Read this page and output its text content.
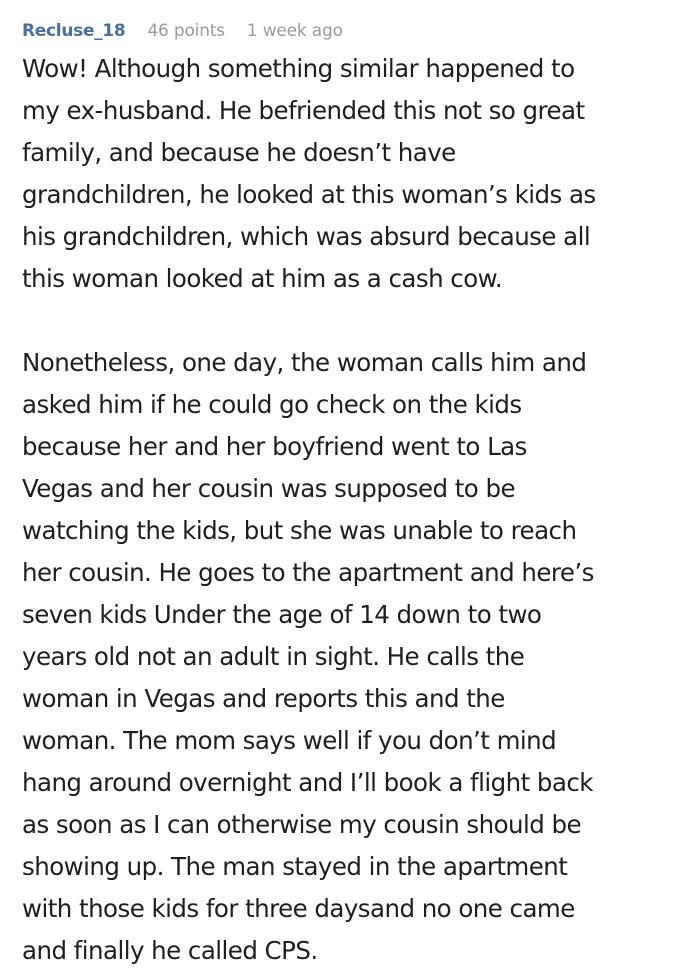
Recluse_18 46 points 1 week ago
Wow! Although something similar happened to
my ex-husband. He befriended this not so great
family, and because he doesn’t have
grandchildren, he looked at this woman’s kids as
his grandchildren, which was absurd because all
this woman looked at him as a cash cow.
Nonetheless, one day, the woman calls him and
asked him if he could go check on the kids
because her and her boyfriend went to Las
Vegas and her cousin was supposed to be
watching the kids, but she was unable to reach
her cousin. He goes to the apartment and here’s
seven kids Under the age of 14 down to two
years old not an adult in sight. He calls the
woman in Vegas and reports this and the
woman. The mom says well if you don’t mind
hang around overnight and I’ll book a flight back
as soon as I can otherwise my cousin should be
showing up. The man stayed in the apartment
with those kids for three daysand no one came
and finally he called CPS.
